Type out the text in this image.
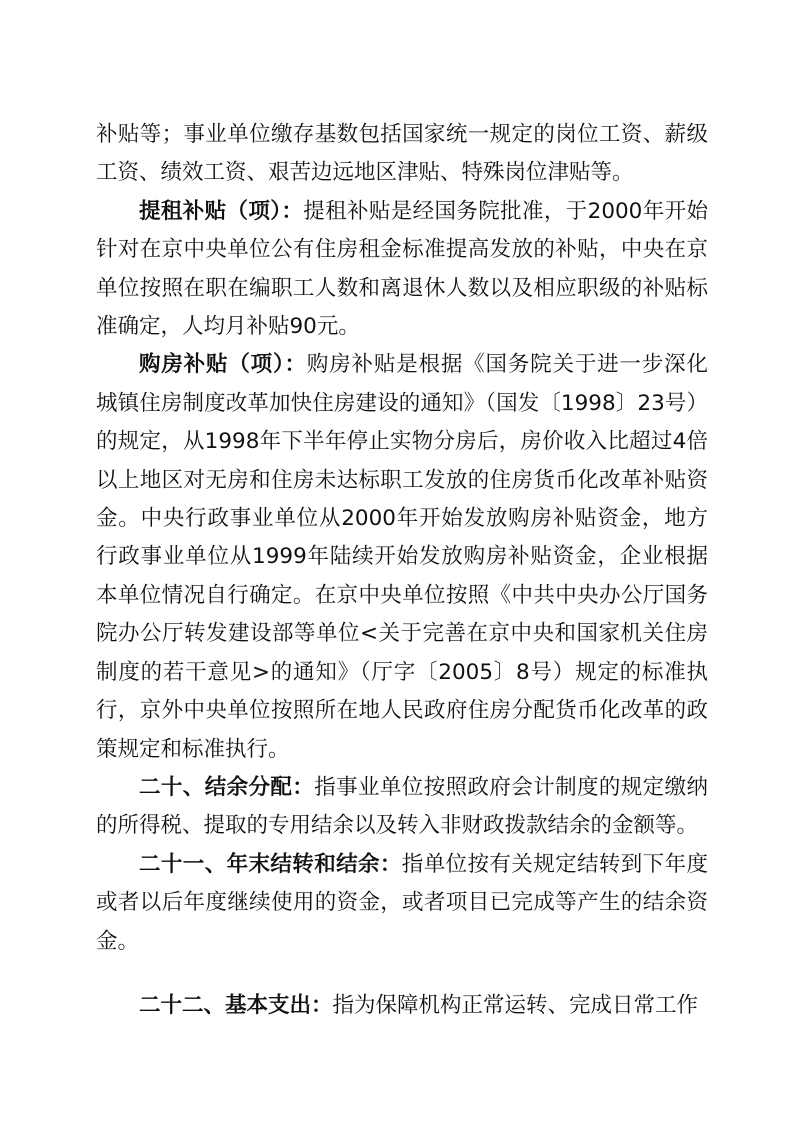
补贴等；事业单位缴存基数包括国家统一规定的岗位工资、薪级工资、绩效工资、艰苦边远地区津贴、特殊岗位津贴等。

提租补贴（项）：提租补贴是经国务院批准，于2000年开始针对在京中央单位公有住房租金标准提高发放的补贴，中央在京单位按照在职在编职工人数和离退休人数以及相应职级的补贴标准确定，人均月补贴90元。

购房补贴（项）：购房补贴是根据《国务院关于进一步深化城镇住房制度改革加快住房建设的通知》（国发〔1998〕23号）的规定，从1998年下半年停止实物分房后，房价收入比超过4倍以上地区对无房和住房未达标职工发放的住房货币化改革补贴资金。中央行政事业单位从2000年开始发放购房补贴资金，地方行政事业单位从1999年陆续开始发放购房补贴资金，企业根据本单位情况自行确定。在京中央单位按照《中共中央办公厅国务院办公厅转发建设部等单位<关于完善在京中央和国家机关住房制度的若干意见>的通知》（厅字〔2005〕8号）规定的标准执行，京外中央单位按照所在地人民政府住房分配货币化改革的政策规定和标准执行。

二十、结余分配：指事业单位按照政府会计制度的规定缴纳的所得税、提取的专用结余以及转入非财政拨款结余的金额等。

二十一、年末结转和结余：指单位按有关规定结转到下年度或者以后年度继续使用的资金，或者项目已完成等产生的结余资金。

二十二、基本支出：指为保障机构正常运转、完成日常工作
